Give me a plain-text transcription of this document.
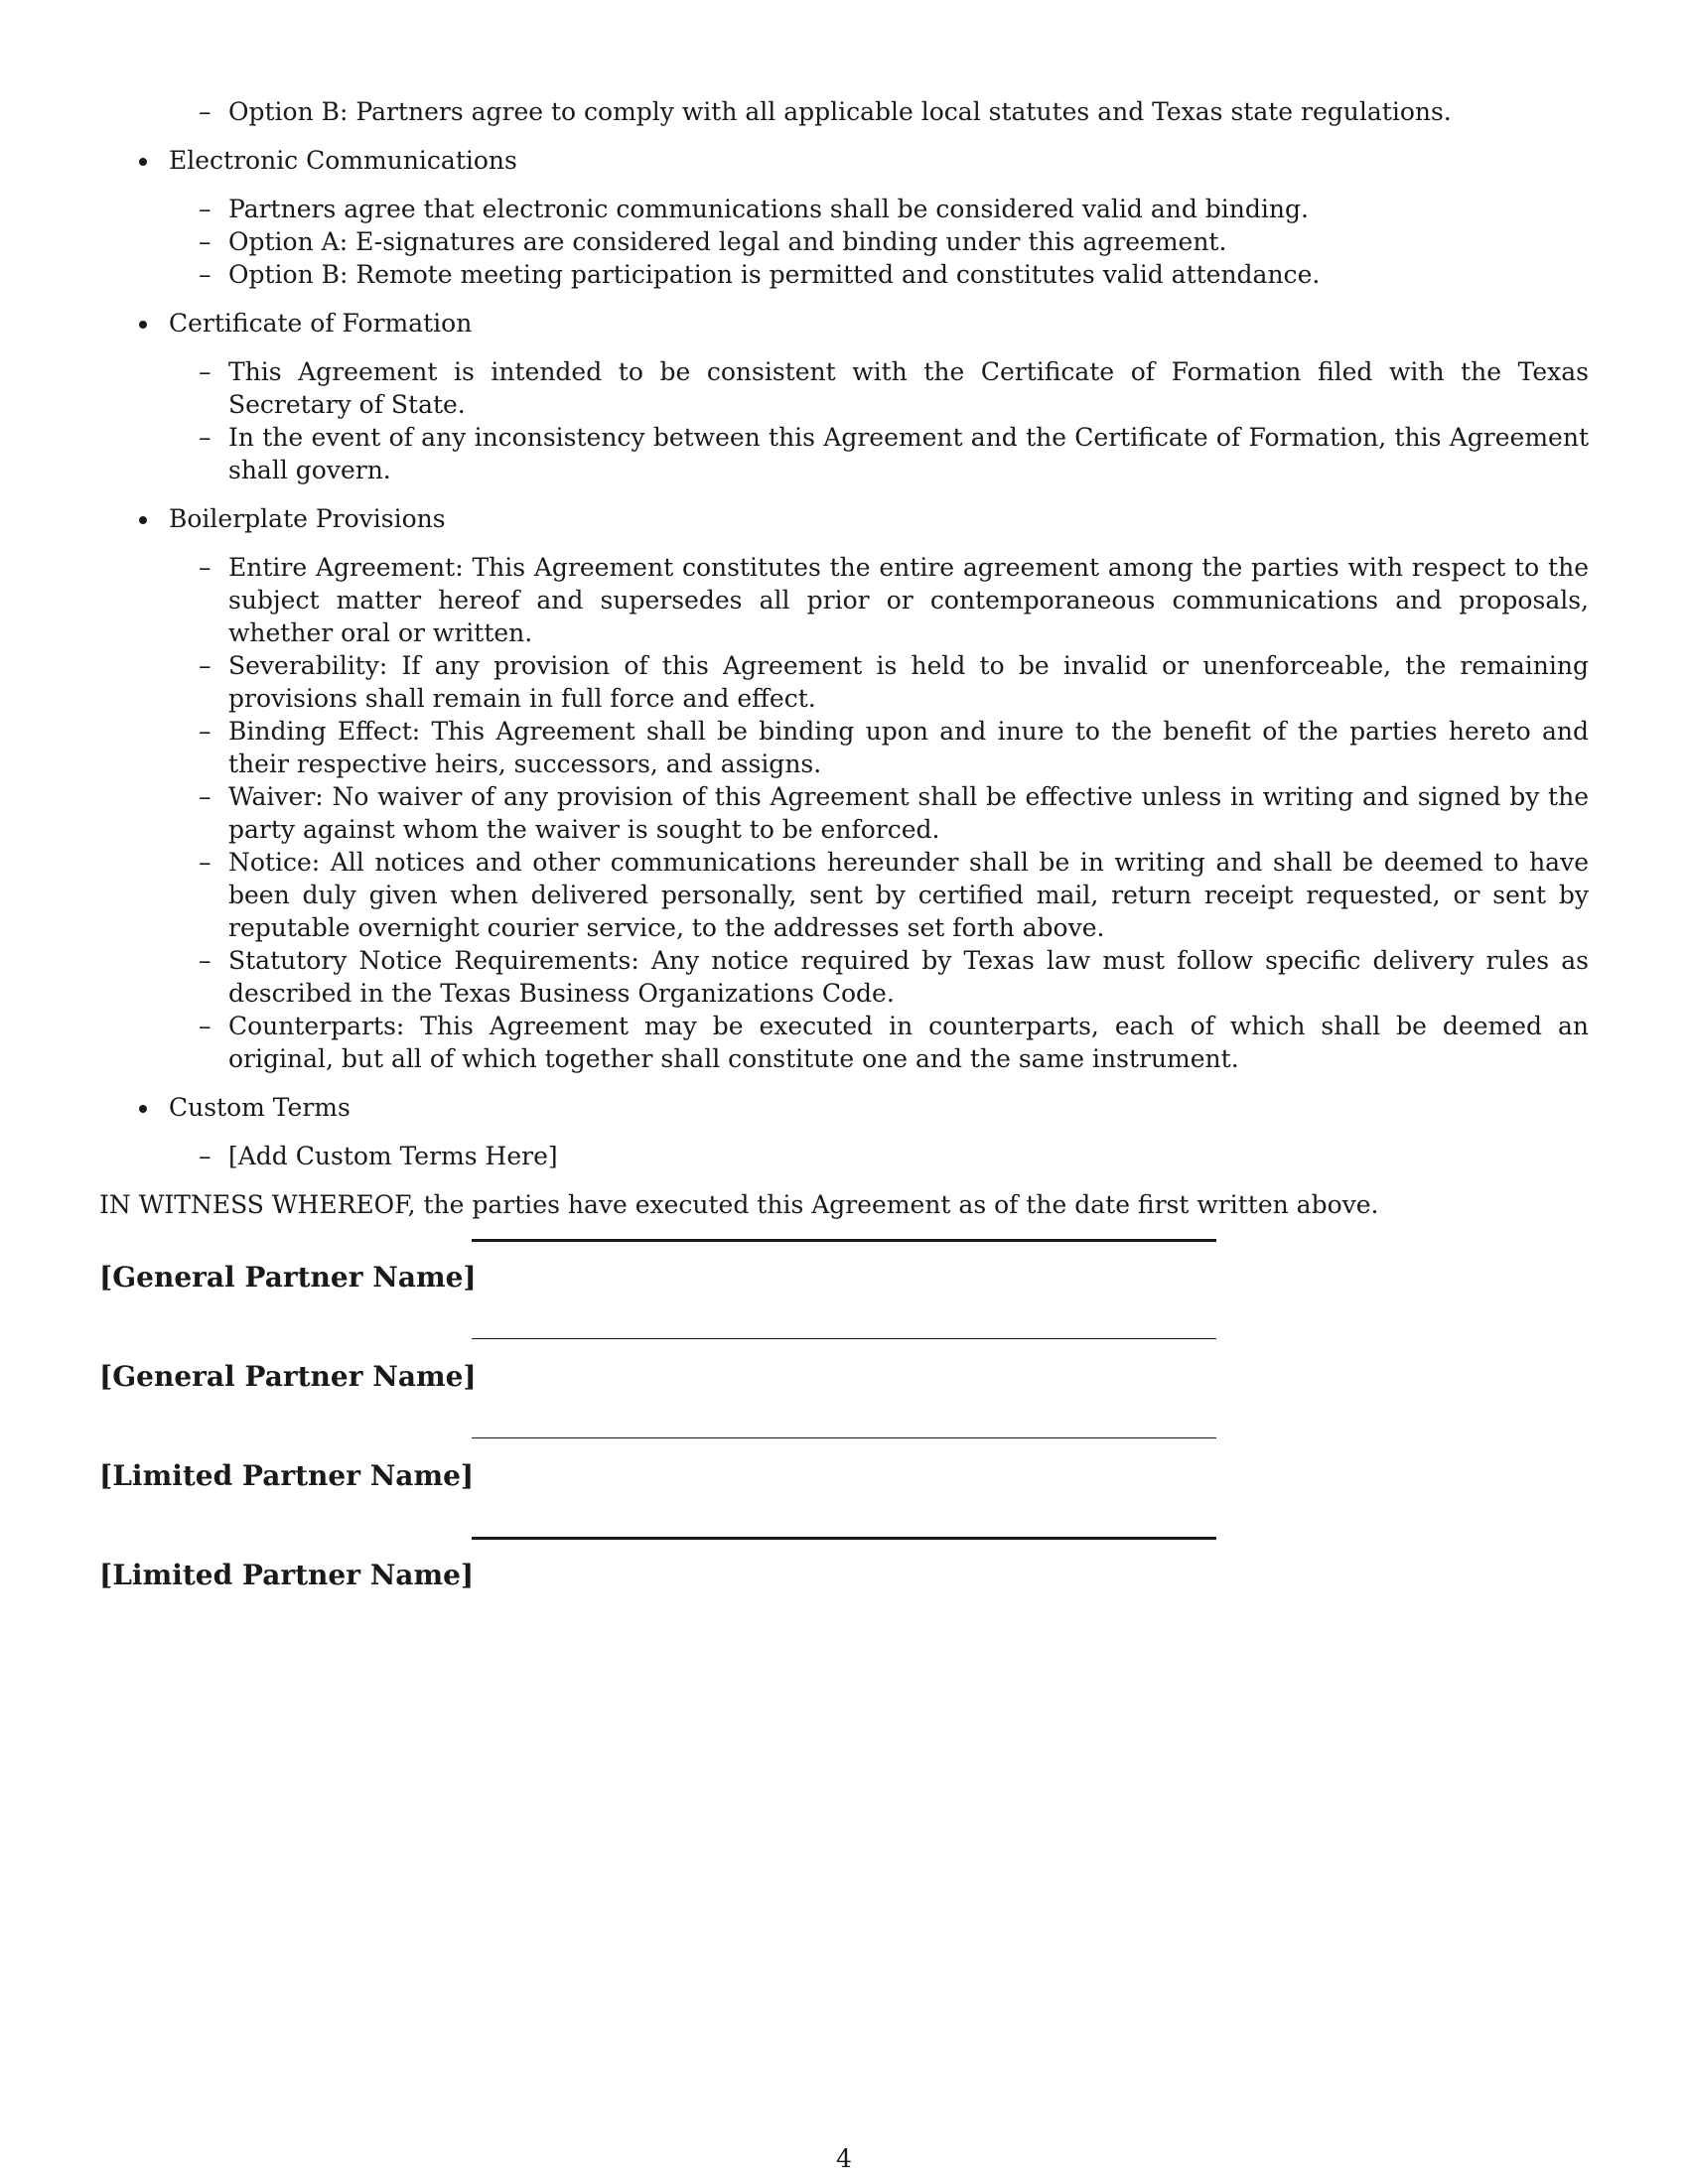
– Option B: Partners agree to comply with all applicable local statutes and Texas state regulations.
Electronic Communications
– Partners agree that electronic communications shall be considered valid and binding.
– Option A: E-signatures are considered legal and binding under this agreement.
– Option B: Remote meeting participation is permitted and constitutes valid attendance.
Certificate of Formation
– This Agreement is intended to be consistent with the Certificate of Formation filed with the Texas Secretary of State.
– In the event of any inconsistency between this Agreement and the Certificate of Formation, this Agreement shall govern.
Boilerplate Provisions
– Entire Agreement: This Agreement constitutes the entire agreement among the parties with respect to the subject matter hereof and supersedes all prior or contemporaneous communications and proposals, whether oral or written.
– Severability: If any provision of this Agreement is held to be invalid or unenforceable, the remaining provisions shall remain in full force and effect.
– Binding Effect: This Agreement shall be binding upon and inure to the benefit of the parties hereto and their respective heirs, successors, and assigns.
– Waiver: No waiver of any provision of this Agreement shall be effective unless in writing and signed by the party against whom the waiver is sought to be enforced.
– Notice: All notices and other communications hereunder shall be in writing and shall be deemed to have been duly given when delivered personally, sent by certified mail, return receipt requested, or sent by reputable overnight courier service, to the addresses set forth above.
– Statutory Notice Requirements: Any notice required by Texas law must follow specific delivery rules as described in the Texas Business Organizations Code.
– Counterparts: This Agreement may be executed in counterparts, each of which shall be deemed an original, but all of which together shall constitute one and the same instrument.
Custom Terms
– [Add Custom Terms Here]
IN WITNESS WHEREOF, the parties have executed this Agreement as of the date first written above.
[General Partner Name]
[General Partner Name]
[Limited Partner Name]
[Limited Partner Name]
4
